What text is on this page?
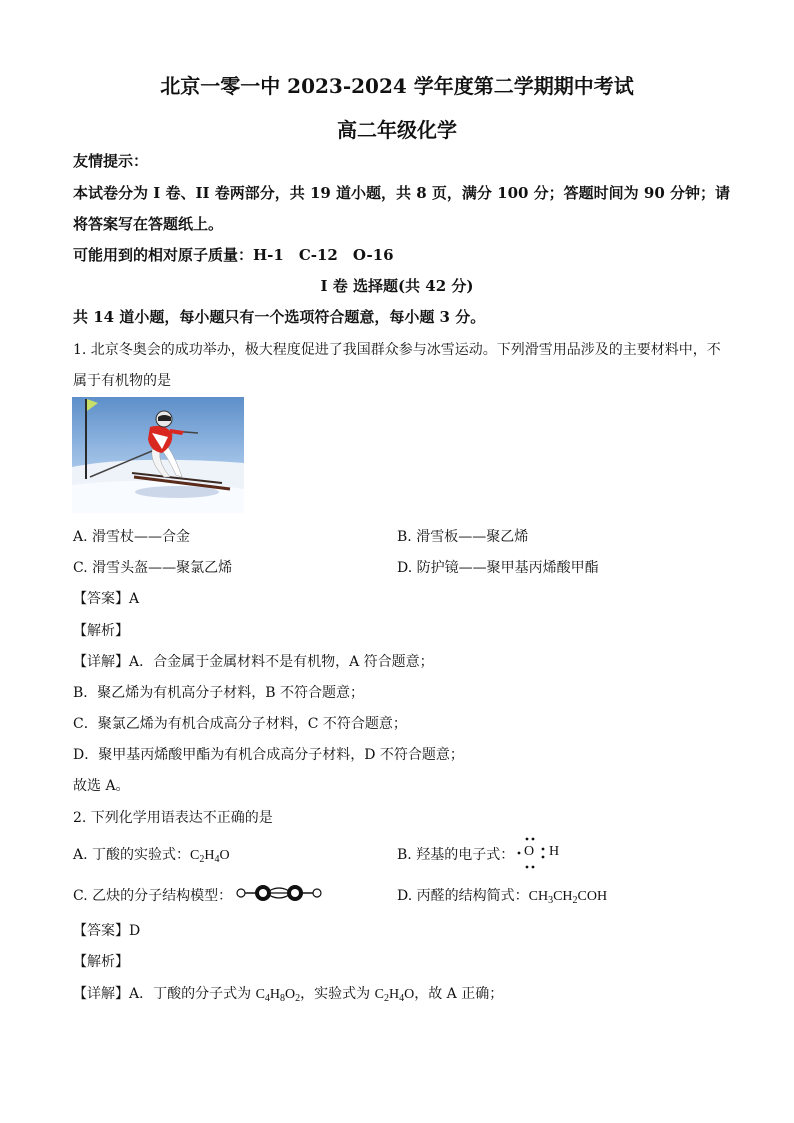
北京一零一中 2023-2024 学年度第二学期期中考试
高二年级化学
友情提示：
本试卷分为 I 卷、II 卷两部分，共 19 道小题，共 8 页，满分 100 分；答题时间为 90 分钟；请
将答案写在答题纸上。
可能用到的相对原子质量：H-1　C-12　O-16
I 卷 选择题(共 42 分)
共 14 道小题，每小题只有一个选项符合题意，每小题 3 分。
1. 北京冬奥会的成功举办，极大程度促进了我国群众参与冰雪运动。下列滑雪用品涉及的主要材料中，不
属于有机物的是
A. 滑雪杖——合金	B. 滑雪板——聚乙烯
C. 滑雪头盔——聚氯乙烯	D. 防护镜——聚甲基丙烯酸甲酯
【答案】A
【解析】
【详解】A．合金属于金属材料不是有机物，A 符合题意；
B．聚乙烯为有机高分子材料，B 不符合题意；
C．聚氯乙烯为有机合成高分子材料，C 不符合题意；
D．聚甲基丙烯酸甲酯为有机合成高分子材料，D 不符合题意；
故选 A。
2. 下列化学用语表达不正确的是
A. 丁酸的实验式：$C_2H_4O$	B. 羟基的电子式： O H
C. 乙炔的分子结构模型：	D. 丙醛的结构简式：$CH_3CH_2COH$
【答案】D
【解析】
【详解】A．丁酸的分子式为 $C_4H_8O_2$，实验式为 $C_2H_4O$，故 A 正确；
